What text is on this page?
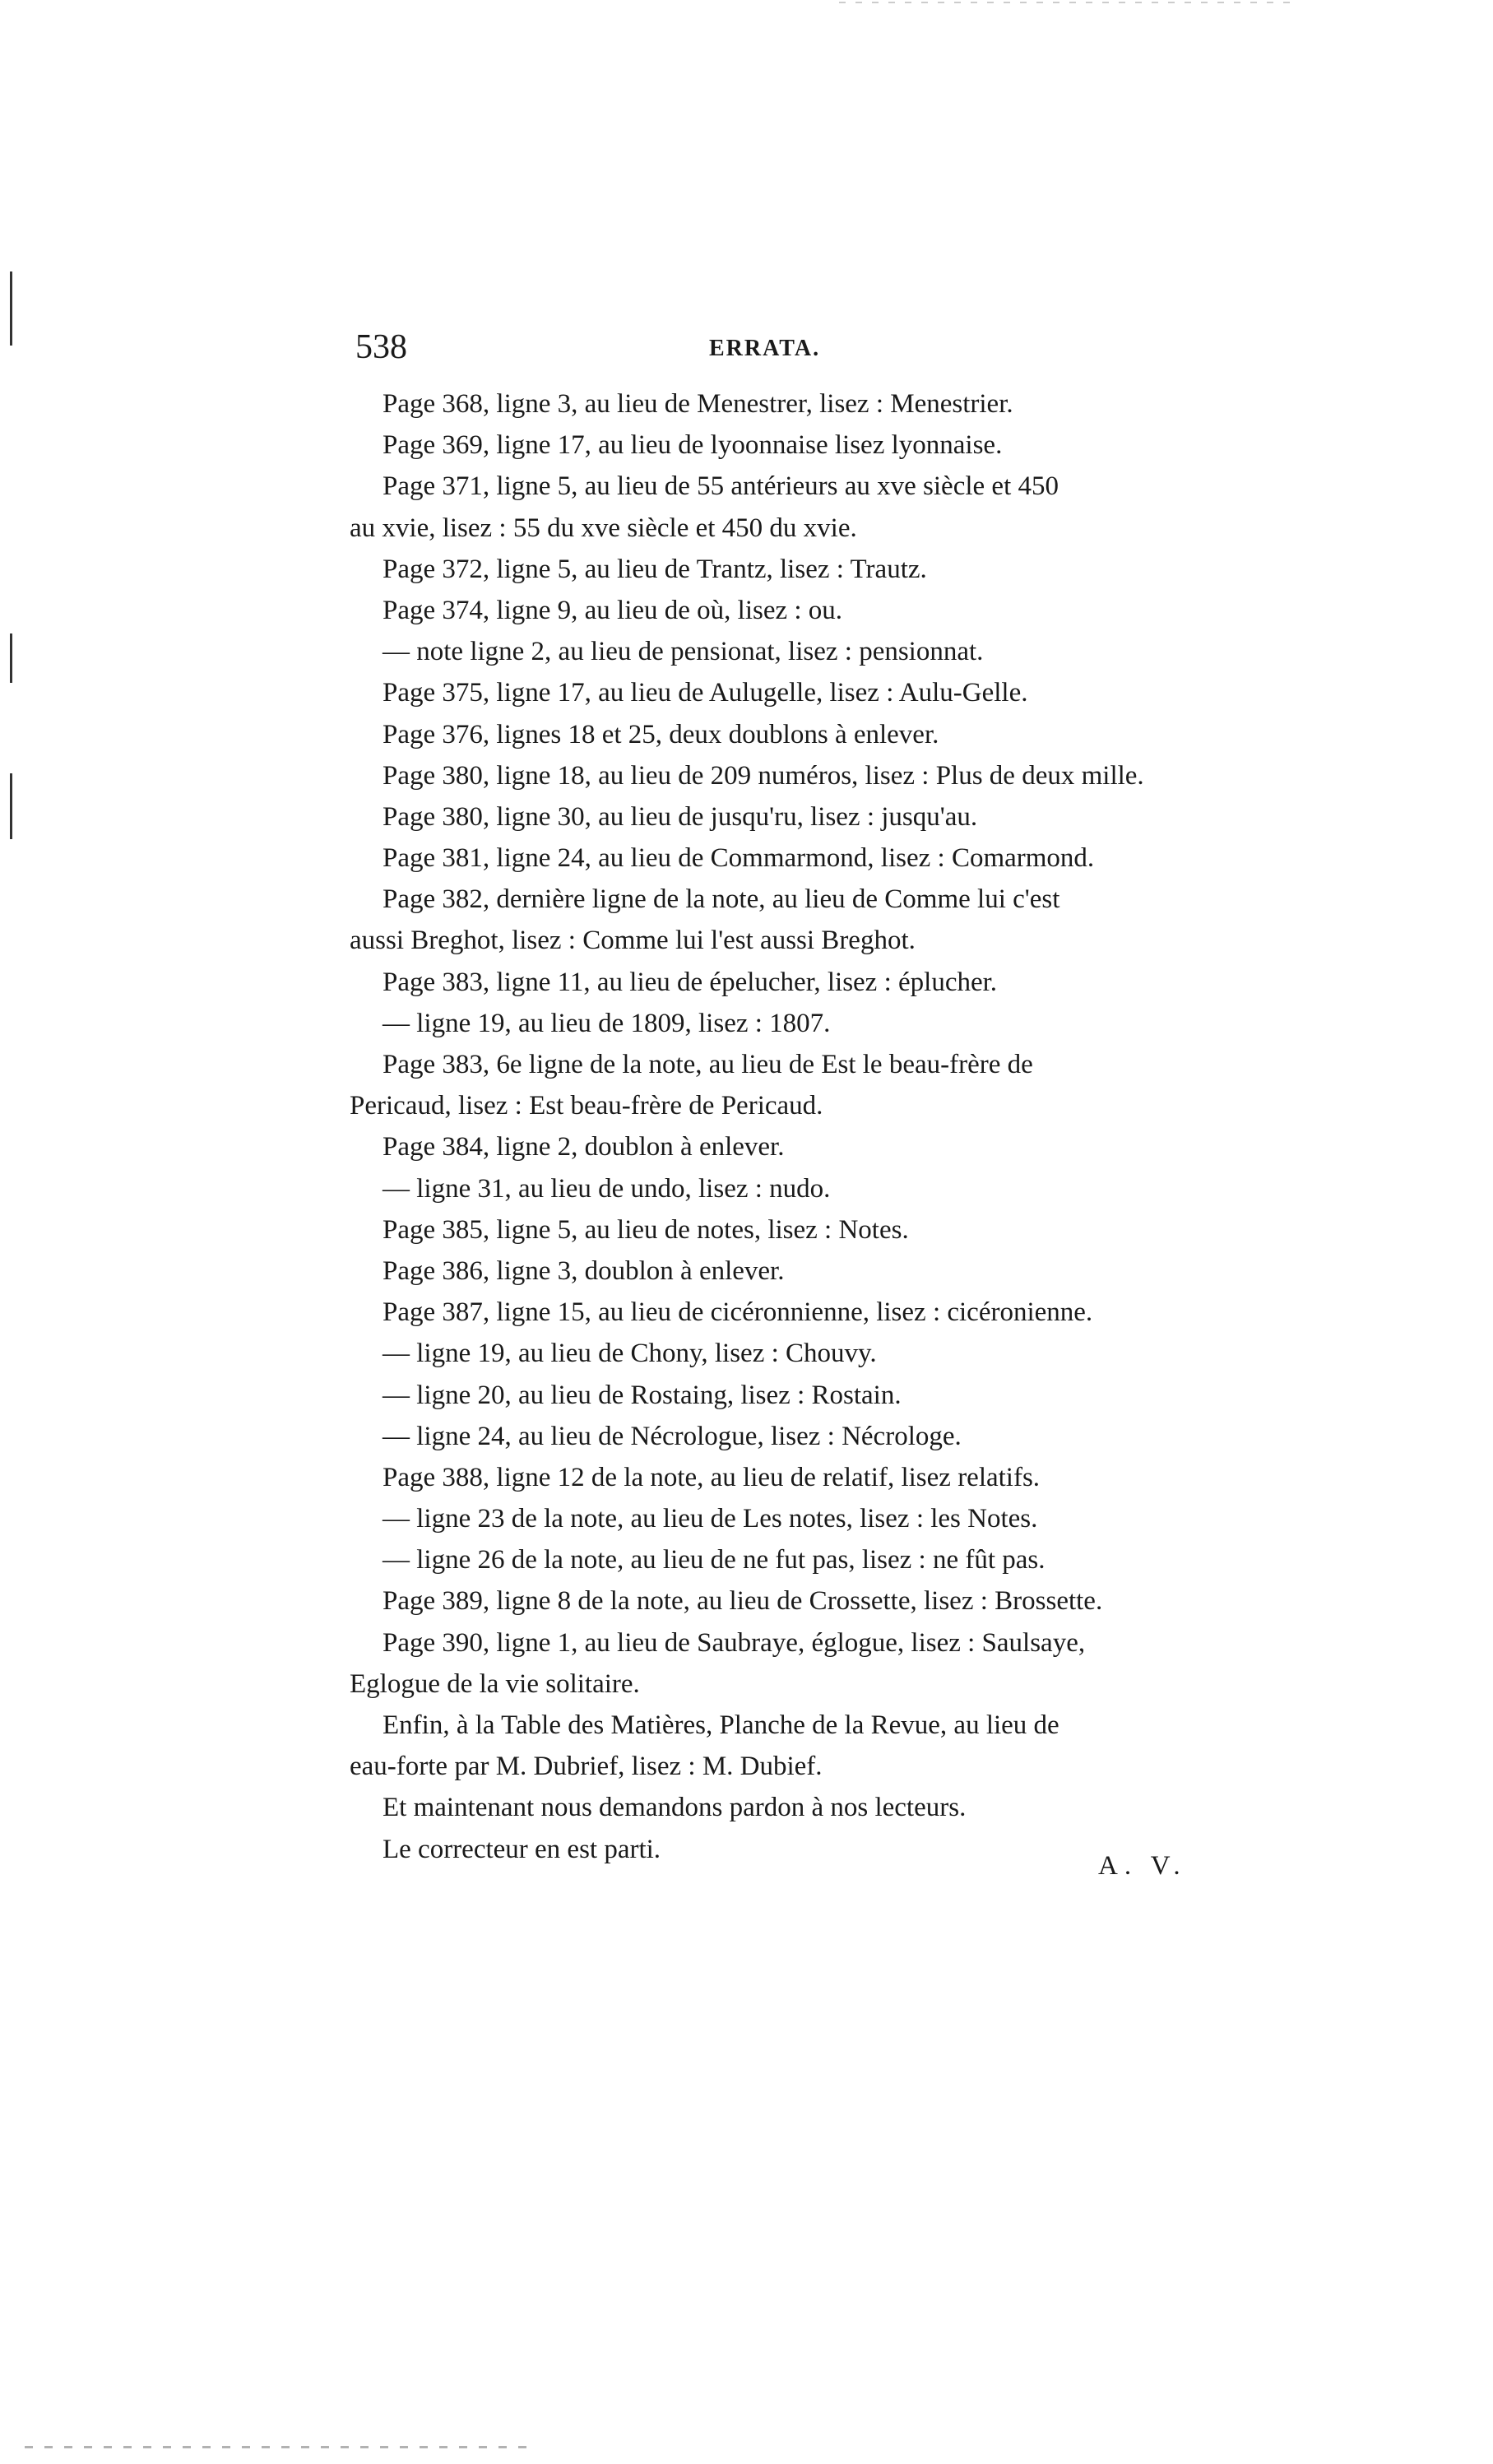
538	ERRATA.
Page 368, ligne 3, au lieu de Menestrer, lisez : Menestrier.
Page 369, ligne 17, au lieu de lyoonnaise lisez lyonnaise.
Page 371, ligne 5, au lieu de 55 antérieurs au xve siècle et 450
au xvie, lisez : 55 du xve siècle et 450 du xvie.
Page 372, ligne 5, au lieu de Trantz, lisez : Trautz.
Page 374, ligne 9, au lieu de où, lisez : ou.
— note ligne 2, au lieu de pensionat, lisez : pensionnat.
Page 375, ligne 17, au lieu de Aulugelle, lisez : Aulu-Gelle.
Page 376, lignes 18 et 25, deux doublons à enlever.
Page 380, ligne 18, au lieu de 209 numéros, lisez : Plus de deux mille.
Page 380, ligne 30, au lieu de jusqu'ru, lisez : jusqu'au.
Page 381, ligne 24, au lieu de Commarmond, lisez : Comarmond.
Page 382, dernière ligne de la note, au lieu de Comme lui c'est
aussi Breghot, lisez : Comme lui l'est aussi Breghot.
Page 383, ligne 11, au lieu de épelucher, lisez : éplucher.
— ligne 19, au lieu de 1809, lisez : 1807.
Page 383, 6e ligne de la note, au lieu de Est le beau-frère de
Pericaud, lisez : Est beau-frère de Pericaud.
Page 384, ligne 2, doublon à enlever.
— ligne 31, au lieu de undo, lisez : nudo.
Page 385, ligne 5, au lieu de notes, lisez : Notes.
Page 386, ligne 3, doublon à enlever.
Page 387, ligne 15, au lieu de cicéronnienne, lisez : cicéronienne.
— ligne 19, au lieu de Chony, lisez : Chouvy.
— ligne 20, au lieu de Rostaing, lisez : Rostain.
— ligne 24, au lieu de Nécrologue, lisez : Nécrologe.
Page 388, ligne 12 de la note, au lieu de relatif, lisez relatifs.
— ligne 23 de la note, au lieu de Les notes, lisez : les Notes.
— ligne 26 de la note, au lieu de ne fut pas, lisez : ne fût pas.
Page 389, ligne 8 de la note, au lieu de Crossette, lisez : Brossette.
Page 390, ligne 1, au lieu de Saubraye, églogue, lisez : Saulsaye,
Eglogue de la vie solitaire.
Enfin, à la Table des Matières, Planche de la Revue, au lieu de
eau-forte par M. Dubrief, lisez : M. Dubief.
Et maintenant nous demandons pardon à nos lecteurs.
Le correcteur en est parti.
A. V.
